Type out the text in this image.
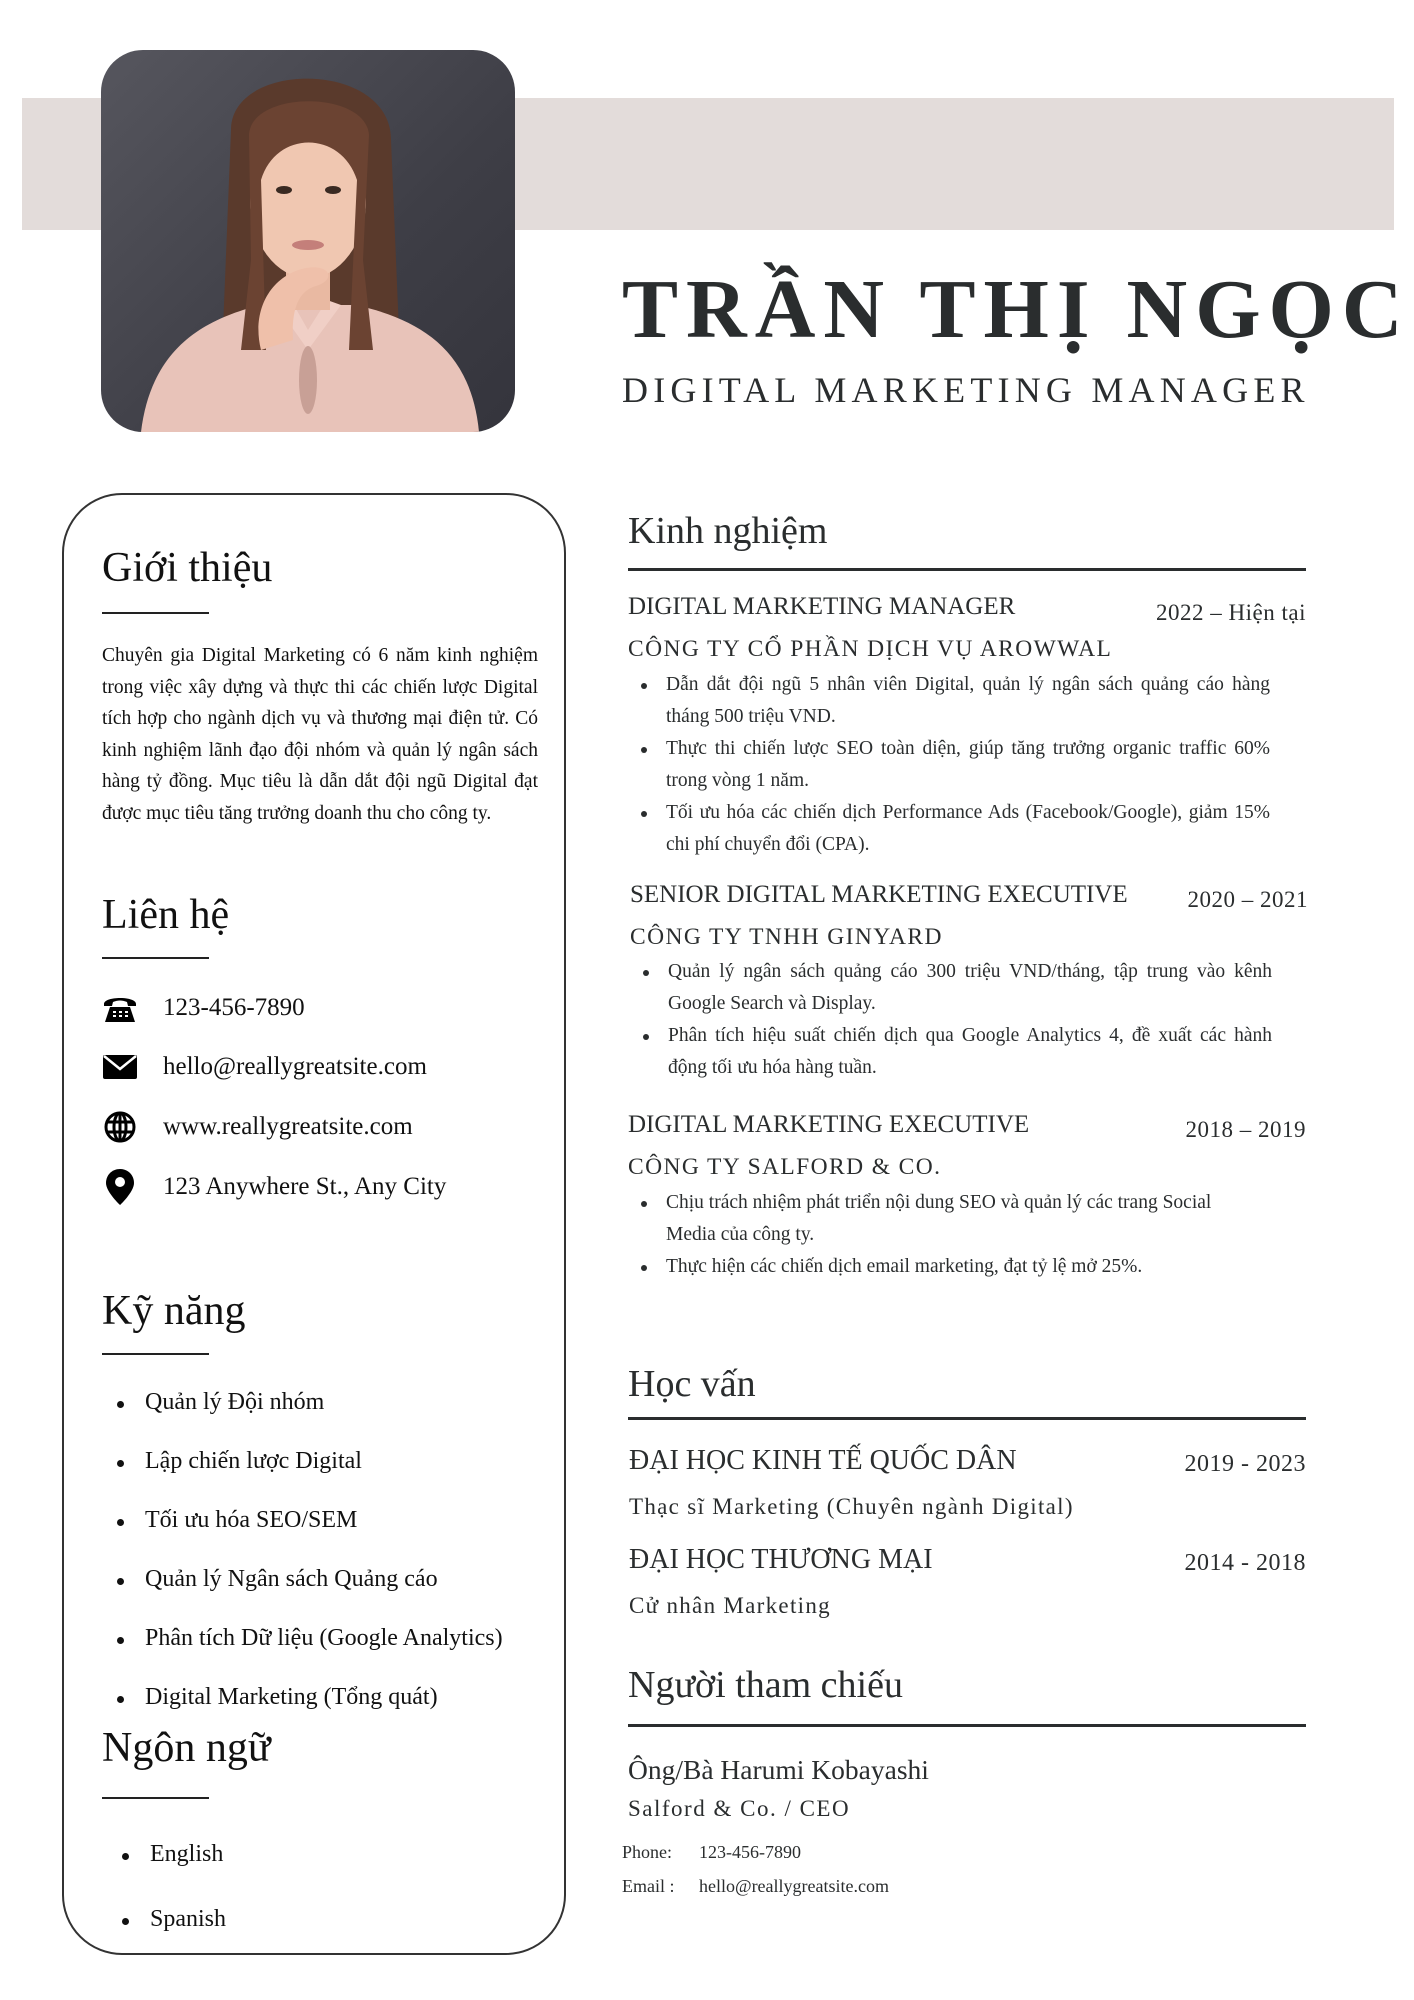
TRẦN THỊ NGỌC
DIGITAL MARKETING MANAGER
Giới thiệu
Chuyên gia Digital Marketing có 6 năm kinh nghiệm trong việc xây dựng và thực thi các chiến lược Digital tích hợp cho ngành dịch vụ và thương mại điện tử. Có kinh nghiệm lãnh đạo đội nhóm và quản lý ngân sách hàng tỷ đồng. Mục tiêu là dẫn dắt đội ngũ Digital đạt được mục tiêu tăng trưởng doanh thu cho công ty.
Liên hệ
123-456-7890
hello@reallygreatsite.com
www.reallygreatsite.com
123 Anywhere St., Any City
Kỹ năng
Quản lý Đội nhóm
Lập chiến lược Digital
Tối ưu hóa SEO/SEM
Quản lý Ngân sách Quảng cáo
Phân tích Dữ liệu (Google Analytics)
Digital Marketing (Tổng quát)
Ngôn ngữ
English
Spanish
Kinh nghiệm
DIGITAL MARKETING MANAGER	2022 – Hiện tại
CÔNG TY CỔ PHẦN DỊCH VỤ AROWWAL
Dẫn dắt đội ngũ 5 nhân viên Digital, quản lý ngân sách quảng cáo hàng tháng 500 triệu VND.
Thực thi chiến lược SEO toàn diện, giúp tăng trưởng organic traffic 60% trong vòng 1 năm.
Tối ưu hóa các chiến dịch Performance Ads (Facebook/Google), giảm 15% chi phí chuyển đổi (CPA).
SENIOR DIGITAL MARKETING EXECUTIVE	2020 – 2021
CÔNG TY TNHH GINYARD
Quản lý ngân sách quảng cáo 300 triệu VND/tháng, tập trung vào kênh Google Search và Display.
Phân tích hiệu suất chiến dịch qua Google Analytics 4, đề xuất các hành động tối ưu hóa hàng tuần.
DIGITAL MARKETING EXECUTIVE	2018 – 2019
CÔNG TY SALFORD & CO.
Chịu trách nhiệm phát triển nội dung SEO và quản lý các trang Social Media của công ty.
Thực hiện các chiến dịch email marketing, đạt tỷ lệ mở 25%.
Học vấn
ĐẠI HỌC KINH TẾ QUỐC DÂN	2019 - 2023
Thạc sĩ Marketing (Chuyên ngành Digital)
ĐẠI HỌC THƯƠNG MẠI	2014 - 2018
Cử nhân Marketing
Người tham chiếu
Ông/Bà Harumi Kobayashi
Salford & Co. / CEO
Phone: 123-456-7890
Email : hello@reallygreatsite.com
